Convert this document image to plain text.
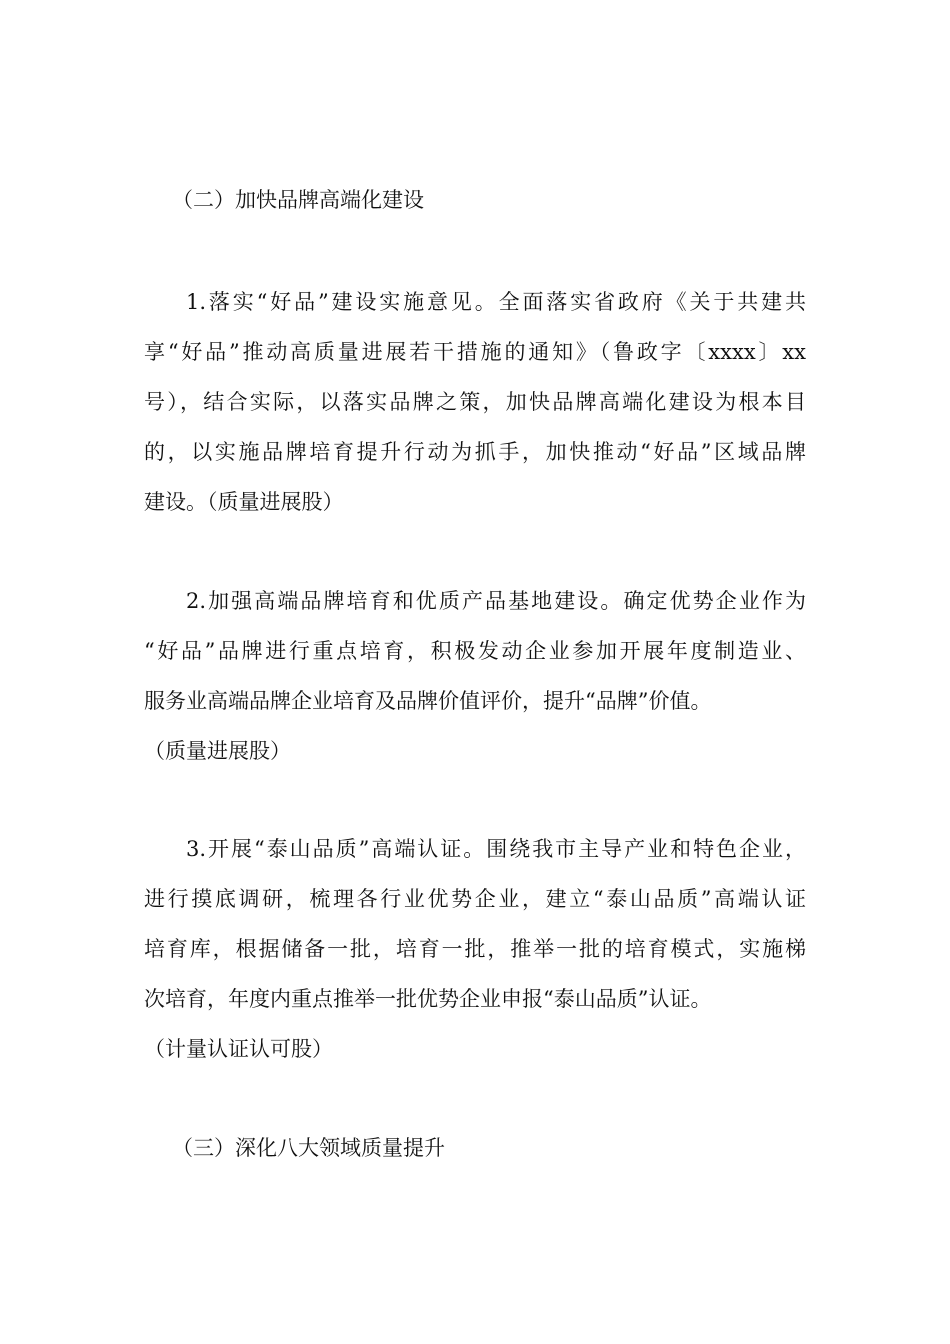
（二）加快品牌高端化建设
1.落实“好品”建设实施意见。全面落实省政府《关于共建共
享“好品”推动高质量进展若干措施的通知》（鲁政字〔xxxx〕xx
号），结合实际，以落实品牌之策，加快品牌高端化建设为根本目
的，以实施品牌培育提升行动为抓手，加快推动“好品”区域品牌
建设。（质量进展股）
2.加强高端品牌培育和优质产品基地建设。确定优势企业作为
“好品”品牌进行重点培育，积极发动企业参加开展年度制造业、
服务业高端品牌企业培育及品牌价值评价，提升“品牌”价值。
（质量进展股）
3.开展“泰山品质”高端认证。围绕我市主导产业和特色企业，
进行摸底调研，梳理各行业优势企业，建立“泰山品质”高端认证
培育库，根据储备一批，培育一批，推举一批的培育模式，实施梯
次培育，年度内重点推举一批优势企业申报“泰山品质”认证。
（计量认证认可股）
（三）深化八大领域质量提升
